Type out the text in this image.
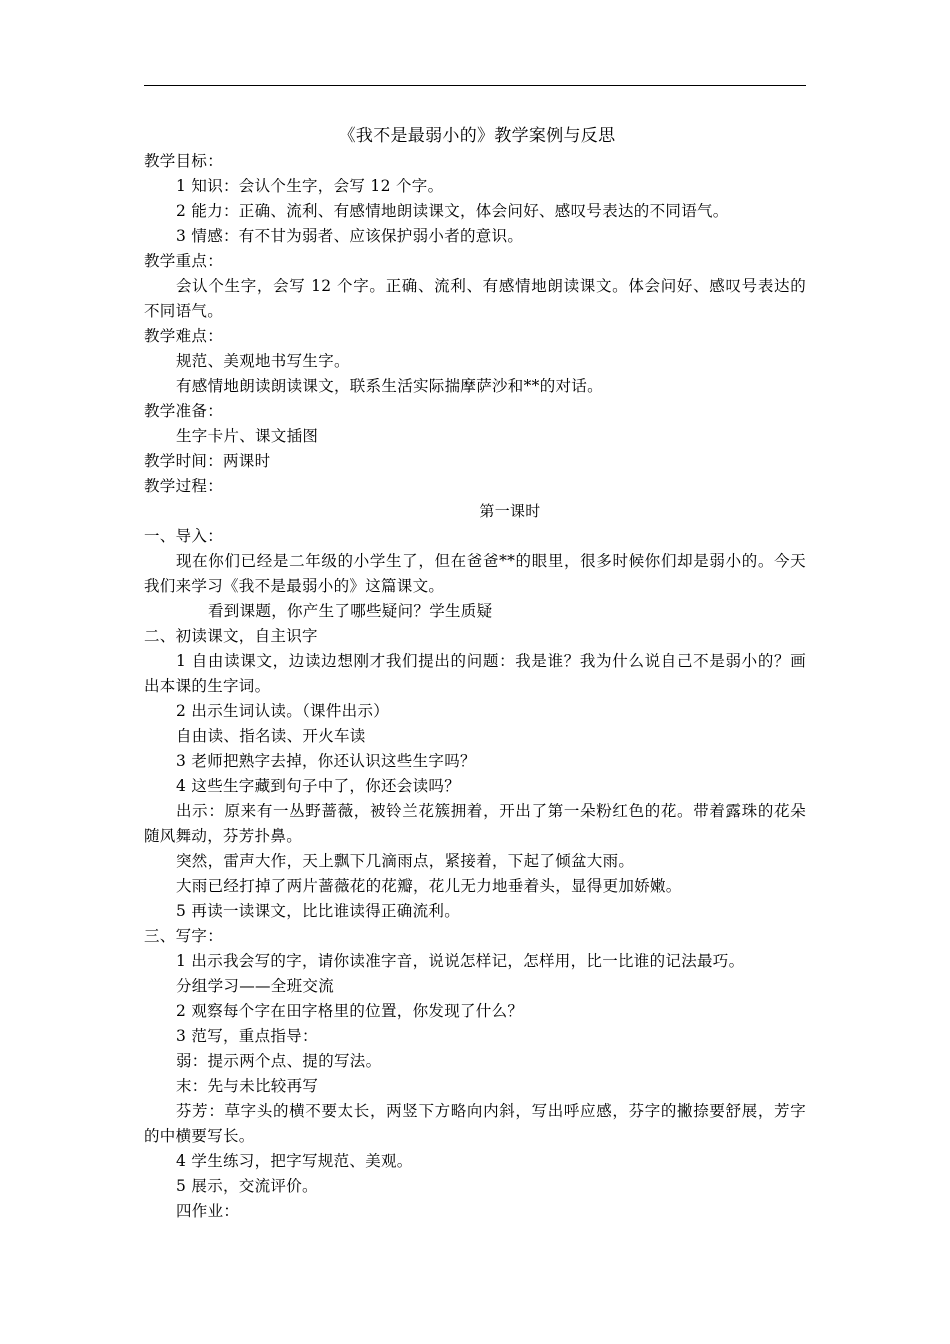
《我不是最弱小的》教学案例与反思
教学目标：
1 知识：会认个生字，会写 12 个字。
2 能力：正确、流利、有感情地朗读课文，体会问好、感叹号表达的不同语气。
3 情感：有不甘为弱者、应该保护弱小者的意识。
教学重点：
会认个生字，会写 12 个字。正确、流利、有感情地朗读课文。体会问好、感叹号表达的不同语气。
教学难点：
规范、美观地书写生字。
有感情地朗读朗读课文，联系生活实际揣摩萨沙和**的对话。
教学准备：
生字卡片、课文插图
教学时间：两课时
教学过程：
第一课时
一、导入：
现在你们已经是二年级的小学生了，但在爸爸**的眼里，很多时候你们却是弱小的。今天我们来学习《我不是最弱小的》这篇课文。
看到课题，你产生了哪些疑问？学生质疑
二、初读课文，自主识字
1 自由读课文，边读边想刚才我们提出的问题：我是谁？我为什么说自己不是弱小的？画出本课的生字词。
2 出示生词认读。（课件出示）
自由读、指名读、开火车读
3 老师把熟字去掉，你还认识这些生字吗？
4 这些生字藏到句子中了，你还会读吗？
出示：原来有一丛野蔷薇，被铃兰花簇拥着，开出了第一朵粉红色的花。带着露珠的花朵随风舞动，芬芳扑鼻。
突然，雷声大作，天上飘下几滴雨点，紧接着，下起了倾盆大雨。
大雨已经打掉了两片蔷薇花的花瓣，花儿无力地垂着头，显得更加娇嫩。
5 再读一读课文，比比谁读得正确流利。
三、写字：
1 出示我会写的字，请你读准字音，说说怎样记，怎样用，比一比谁的记法最巧。
分组学习——全班交流
2 观察每个字在田字格里的位置，你发现了什么？
3 范写，重点指导：
弱：提示两个点、提的写法。
末：先与未比较再写
芬芳：草字头的横不要太长，两竖下方略向内斜，写出呼应感，芬字的撇捺要舒展，芳字的中横要写长。
4 学生练习，把字写规范、美观。
5 展示，交流评价。
四作业：
